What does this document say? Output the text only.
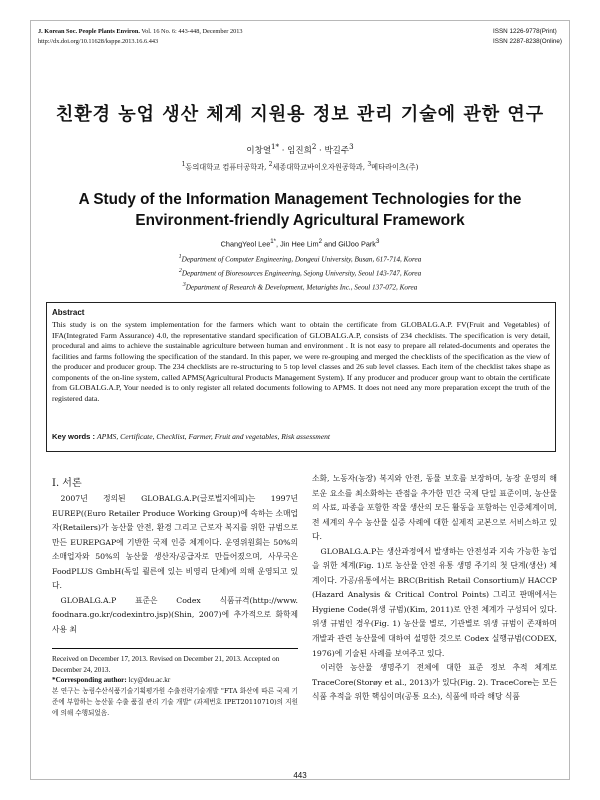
J. Korean Soc. People Plants Environ. Vol. 16 No. 6: 443-448, December 2013
http://dx.doi.org/10.11628/ksppe.2013.16.6.443
ISSN 1226-9778(Print)
ISSN 2287-8238(Online)
친환경 농업 생산 체계 지원용 정보 관리 기술에 관한 연구
이창열$^{1*}$ · 임진희$^2$ · 박길주$^3$
$^1$동의대학교 컴퓨터공학과, $^2$세종대학교바이오자원공학과, $^3$메타라이츠(주)
A Study of the Information Management Technologies for the
Environment-friendly Agricultural Framework
ChangYeol Lee$^{1*}$, Jin Hee Lim$^2$ and GilJoo Park$^3$
$^1$Department of Computer Engineering, Dongeui University, Busan, 617-714, Korea
$^2$Department of Bioresources Engineering, Sejong University, Seoul 143-747, Korea
$^3$Department of Research & Development, Metarights Inc., Seoul 137-072, Korea
Abstract

This study is on the system implementation for the farmers which want to obtain the certificate from GLOBALG.A.P. FV(Fruit and Vegetables) of IFA(Integrated Farm Assurance) 4.0, the representative standard specification of GLOBALG.A.P, consists of 234 checklists. The specification is very detail, procedural and aims to achieve the sustainable agriculture between human and environment . It is not easy to prepare all related-documents and operates the facilities and farms following the specification of the standard. In this paper, we were re-grouping and merged the checklists of the specification as the view of the producer and producer group. The 234 checklists are re-structuring to 5 top level classes and 26 sub level classes. Each item of the checklist takes shape as components of the on-line system, called APMS(Agricultural Products Management System). If any producer and producer group want to obtain the certificate from GLOBALG.A.P, Your needed is to only register all related documents following to APMS. It does not need any more preparation except the truth of the registered data.

Key words : APMS, Certificate, Checklist, Farmer, Fruit and vegetables, Risk assessment
Ⅰ. 서론

2007년 정의된 GLOBALG.A.P(글로벌지에피)는 1997년 EUREP((Euro Retailer Produce Working Group)에 속하는 소매업자(Retailers)가 농산물 안전, 환경 그리고 근로자 복지를 위한 규범으로 만든 EUREPGAP에 기반한 국제 인증 체계이다. 운영위원회는 50%의 소매업자와 50%의 농산물 생산자/공급자로 만들어졌으며, 사무국은 FoodPLUS GmbH(독일 쾰른에 있는 비영리 단체)에 의해 운영되고 있다.

GLOBALG.A.P 표준은 Codex 식품규격(http://www. foodnara.go.kr/codexintro.jsp)(Shin, 2007)에 추가적으로 화학제 사용 최

소화, 노동자(농장) 복지와 안전, 동물 보호를 보장하며, 농장 운영의 해로운 요소를 최소화하는 관점을 추가한 민간 국제 단일 표준이며, 농산물의 사료, 파종을 포함한 작물 생산의 모든 활동을 포함하는 인증체계이며, 전 세계의 우수 농산물 실증 사례에 대한 실제적 교본으로 서비스하고 있다.

GLOBALG.A.P는 생산과정에서 발생하는 안전성과 지속 가능한 농업을 위한 체계(Fig. 1)로 농산물 안전 유통 생명 주기의 첫 단계(생산) 체계이다. 가공/유통에서는 BRC(British Retail Consortium)/ HACCP (Hazard Analysis & Critical Control Points) 그리고 판매에서는 Hygiene Code(위생 규범)(Kim, 2011)로 안전 체계가 구성되어 있다. 위생 규범인 경우(Fig. 1) 농산물 별로, 기관별로 위생 규범이 존재하며 개발과 관련 농산물에 대하여 설명한 것으로 Codex 실행규범(CODEX, 1976)에 기술된 사례를 보여주고 있다.

이러한 농산물 생명주기 전체에 대한 표준 정보 추적 체계로 TraceCore(Storøy et al., 2013)가 있다(Fig. 2). TraceCore는 모든 식품 추적을 위한 핵심이며(공통 요소), 식품에 따라 해당 식품

Received on December 17, 2013. Revised on December 21, 2013. Accepted on December 24, 2013.
*Corresponding author: lcy@deu.ac.kr
본 연구는 농림수산식품기술기획평가원 수출전략기술개발 "FTA 화산에 따른 국제 기준에 부합하는 농산물 수출 품질 관리 기술 개발" (과제번호 IPET20110710)의 지원에 의해 수행되었음.
443
